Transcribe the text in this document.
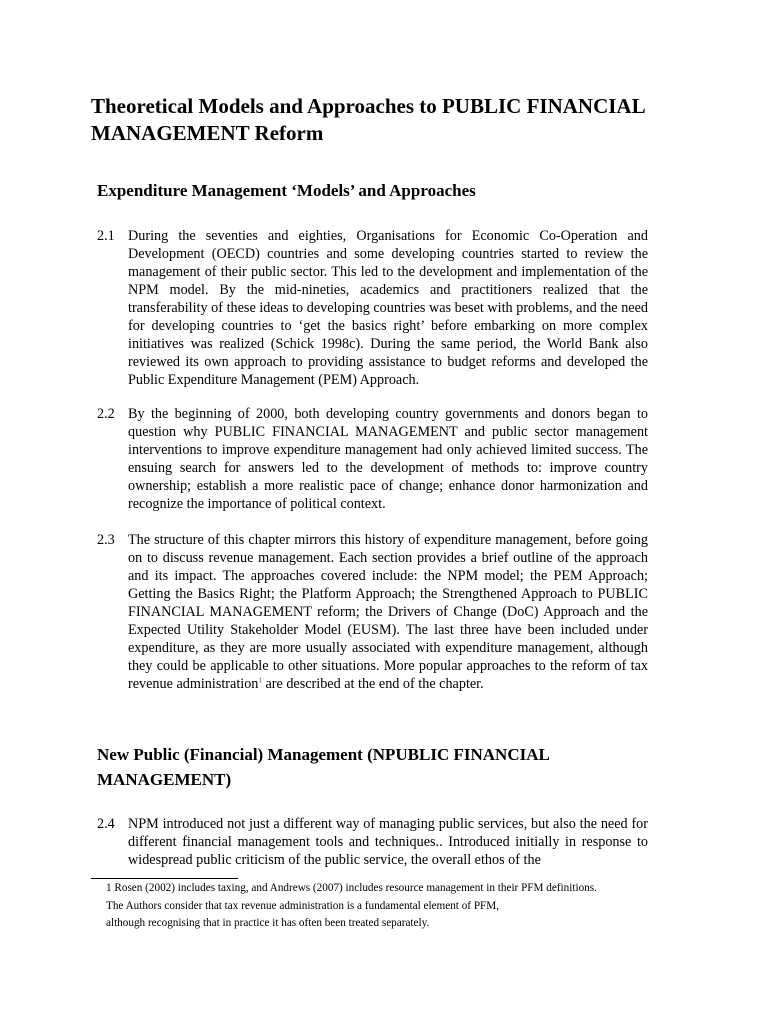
Theoretical Models and Approaches to PUBLIC FINANCIAL MANAGEMENT Reform
Expenditure Management ‘Models’ and Approaches
2.1 During the seventies and eighties, Organisations for Economic Co-Operation and Development (OECD) countries and some developing countries started to review the management of their public sector. This led to the development and implementation of the NPM model. By the mid-nineties, academics and practitioners realized that the transferability of these ideas to developing countries was beset with problems, and the need for developing countries to ‘get the basics right’ before embarking on more complex initiatives was realized (Schick 1998c). During the same period, the World Bank also reviewed its own approach to providing assistance to budget reforms and developed the Public Expenditure Management (PEM) Approach.
2.2 By the beginning of 2000, both developing country governments and donors began to question why PUBLIC FINANCIAL MANAGEMENT and public sector management interventions to improve expenditure management had only achieved limited success. The ensuing search for answers led to the development of methods to: improve country ownership; establish a more realistic pace of change; enhance donor harmonization and recognize the importance of political context.
2.3 The structure of this chapter mirrors this history of expenditure management, before going on to discuss revenue management. Each section provides a brief outline of the approach and its impact. The approaches covered include: the NPM model; the PEM Approach; Getting the Basics Right; the Platform Approach; the Strengthened Approach to PUBLIC FINANCIAL MANAGEMENT reform; the Drivers of Change (DoC) Approach and the Expected Utility Stakeholder Model (EUSM). The last three have been included under expenditure, as they are more usually associated with expenditure management, although they could be applicable to other situations. More popular approaches to the reform of tax revenue administration$^1$ are described at the end of the chapter.
New Public (Financial) Management (NPUBLIC FINANCIAL MANAGEMENT)
2.4 NPM introduced not just a different way of managing public services, but also the need for different financial management tools and techniques.. Introduced initially in response to widespread public criticism of the public service, the overall ethos of the
1 Rosen (2002) includes taxing, and Andrews (2007) includes resource management in their PFM definitions.
The Authors consider that tax revenue administration is a fundamental element of PFM,
although recognising that in practice it has often been treated separately.
